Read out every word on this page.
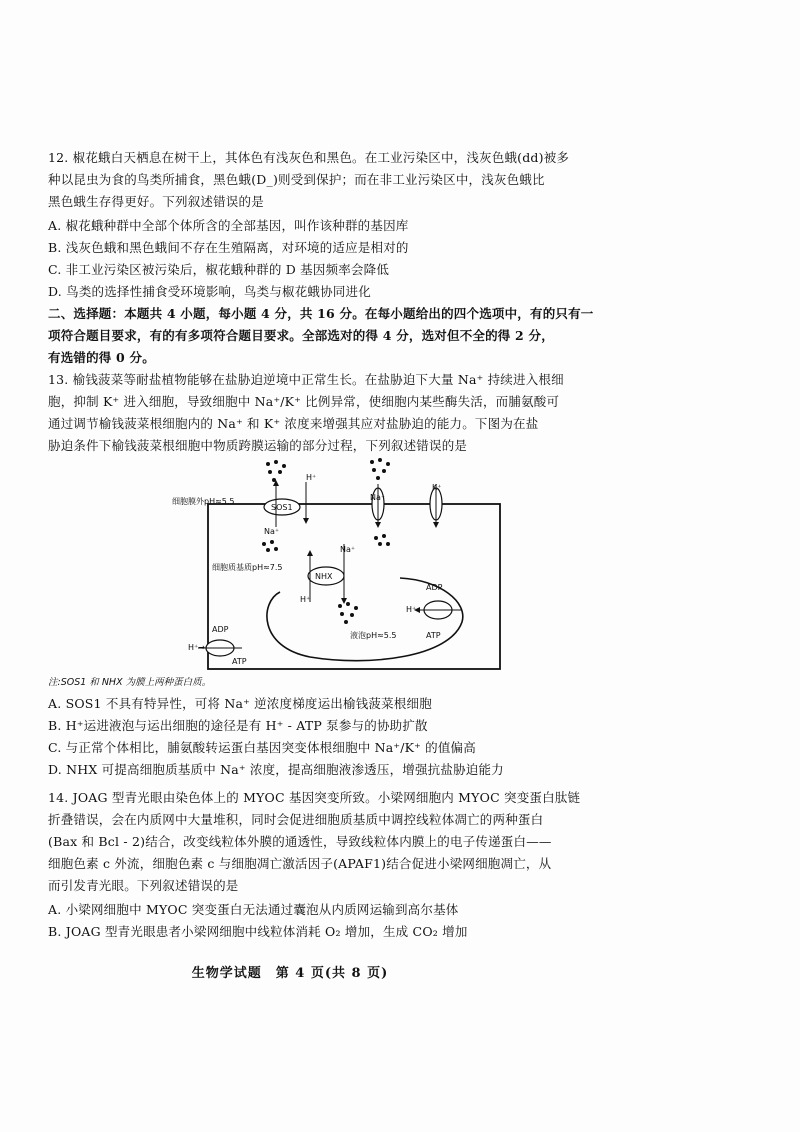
12. 椒花蛾白天栖息在树干上，其体色有浅灰色和黑色。在工业污染区中，浅灰色蛾(dd)被多
种以昆虫为食的鸟类所捕食，黑色蛾(D_)则受到保护；而在非工业污染区中，浅灰色蛾比
黑色蛾生存得更好。下列叙述错误的是
A. 椒花蛾种群中全部个体所含的全部基因，叫作该种群的基因库
B. 浅灰色蛾和黑色蛾间不存在生殖隔离，对环境的适应是相对的
C. 非工业污染区被污染后，椒花蛾种群的 D 基因频率会降低
D. 鸟类的选择性捕食受环境影响，鸟类与椒花蛾协同进化
二、选择题：本题共 4 小题，每小题 4 分，共 16 分。在每小题给出的四个选项中，有的只有一
项符合题目要求，有的有多项符合题目要求。全部选对的得 4 分，选对但不全的得 2 分，
有选错的得 0 分。
13. 榆钱菠菜等耐盐植物能够在盐胁迫逆境中正常生长。在盐胁迫下大量 Na⁺ 持续进入根细
胞，抑制 K⁺ 进入细胞，导致细胞中 Na⁺/K⁺ 比例异常，使细胞内某些酶失活，而脯氨酸可
通过调节榆钱菠菜根细胞内的 Na⁺ 和 K⁺ 浓度来增强其应对盐胁迫的能力。下图为在盐
胁迫条件下榆钱菠菜根细胞中物质跨膜运输的部分过程，下列叙述错误的是
细胞膜外pH≈5.5
SOS1
H⁺
Na⁺
Na⁺
K⁺
细胞质基质pH≈7.5
NHX
Na⁺
H⁺
液泡pH≈5.5
H⁺
ADP
ATP
H⁺→
ADP
ATP
注:SOS1 和 NHX 为膜上两种蛋白质。
A. SOS1 不具有特异性，可将 Na⁺ 逆浓度梯度运出榆钱菠菜根细胞
B. H⁺运进液泡与运出细胞的途径是有 H⁺ - ATP 泵参与的协助扩散
C. 与正常个体相比，脯氨酸转运蛋白基因突变体根细胞中 Na⁺/K⁺ 的值偏高
D. NHX 可提高细胞质基质中 Na⁺ 浓度，提高细胞液渗透压，增强抗盐胁迫能力
14. JOAG 型青光眼由染色体上的 MYOC 基因突变所致。小梁网细胞内 MYOC 突变蛋白肽链
折叠错误，会在内质网中大量堆积，同时会促进细胞质基质中调控线粒体凋亡的两种蛋白
(Bax 和 Bcl - 2)结合，改变线粒体外膜的通透性，导致线粒体内膜上的电子传递蛋白——
细胞色素 c 外流，细胞色素 c 与细胞凋亡激活因子(APAF1)结合促进小梁网细胞凋亡，从
而引发青光眼。下列叙述错误的是
A. 小梁网细胞中 MYOC 突变蛋白无法通过囊泡从内质网运输到高尔基体
B. JOAG 型青光眼患者小梁网细胞中线粒体消耗 O₂ 增加，生成 CO₂ 增加
生物学试题　第 4 页(共 8 页)
